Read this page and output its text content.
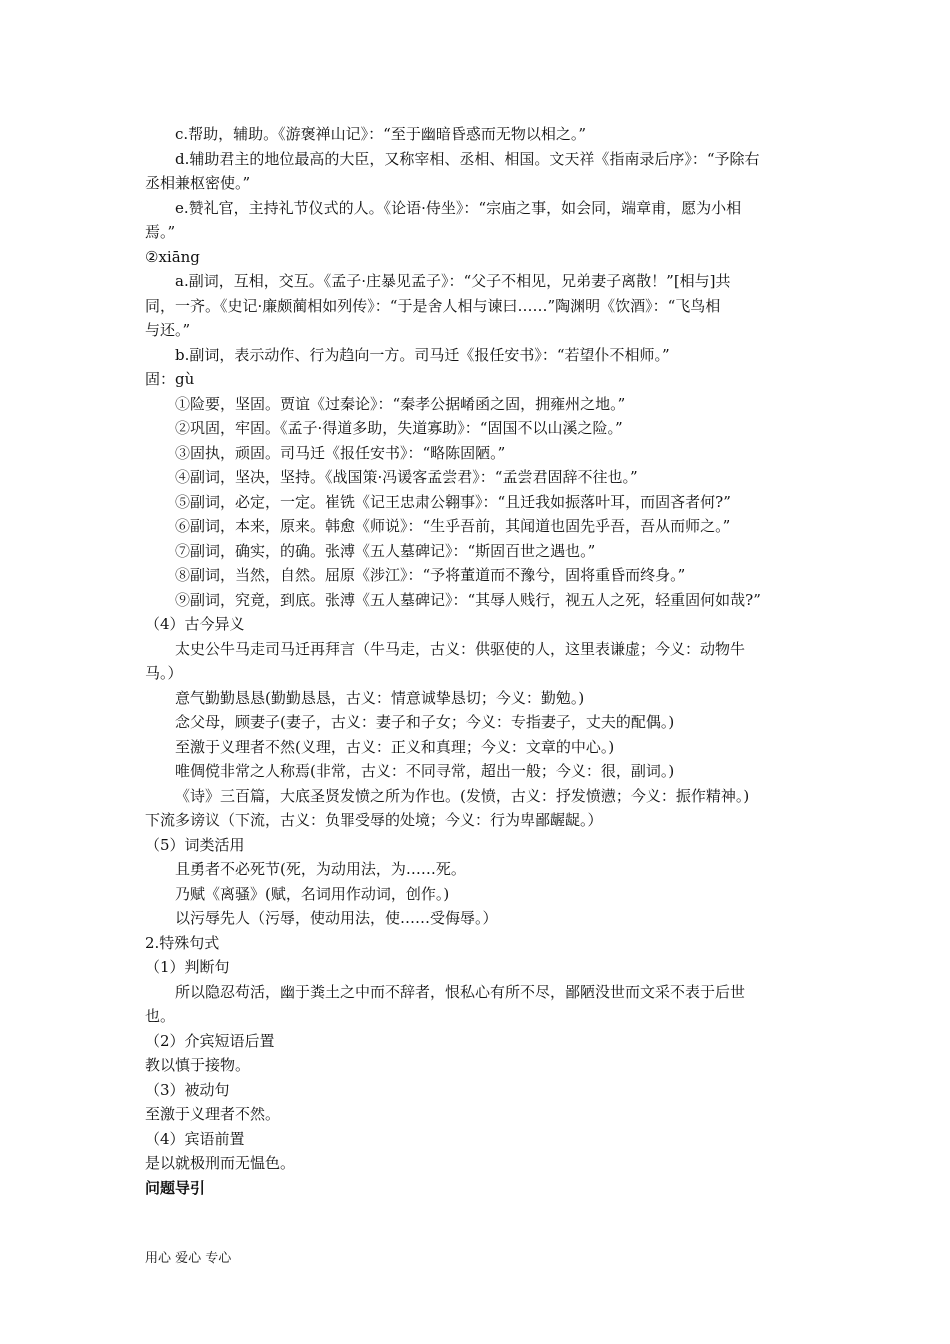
c.帮助，辅助。《游褒禅山记》：“至于幽暗昏惑而无物以相之。”
d.辅助君主的地位最高的大臣，又称宰相、丞相、相国。文天祥《指南录后序》：“予除右
丞相兼枢密使。”
e.赞礼官，主持礼节仪式的人。《论语·侍坐》：“宗庙之事，如会同，端章甫，愿为小相
焉。”
②xiāng
a.副词，互相，交互。《孟子·庄暴见孟子》：“父子不相见，兄弟妻子离散！”[相与]共
同，一齐。《史记·廉颇蔺相如列传》：“于是舍人相与谏曰……”陶渊明《饮酒》：“飞鸟相
与还。”
b.副词，表示动作、行为趋向一方。司马迁《报任安书》：“若望仆不相师。”
固：gù
①险要，坚固。贾谊《过秦论》：“秦孝公据崤函之固，拥雍州之地。”
②巩固，牢固。《孟子·得道多助，失道寡助》：“固国不以山溪之险。”
③固执，顽固。司马迁《报任安书》：“略陈固陋。”
④副词，坚决，坚持。《战国策·冯谖客孟尝君》：“孟尝君固辞不往也。”
⑤副词，必定，一定。崔铣《记王忠肃公翱事》：“且迁我如振落叶耳，而固吝者何?”
⑥副词，本来，原来。韩愈《师说》：“生乎吾前，其闻道也固先乎吾，吾从而师之。”
⑦副词，确实，的确。张溥《五人墓碑记》：“斯固百世之遇也。”
⑧副词，当然，自然。屈原《涉江》：“予将董道而不豫兮，固将重昏而终身。”
⑨副词，究竟，到底。张溥《五人墓碑记》：“其辱人贱行，视五人之死，轻重固何如哉?”
（4）古今异义
太史公牛马走司马迁再拜言（牛马走，古义：供驱使的人，这里表谦虚；今义：动物牛
马。）
意气勤勤恳恳(勤勤恳恳，古义：情意诚挚恳切；今义：勤勉。)
念父母，顾妻子(妻子，古义：妻子和子女；今义：专指妻子，丈夫的配偶。)
至激于义理者不然(义理，古义：正义和真理；今义：文章的中心。)
唯倜傥非常之人称焉(非常，古义：不同寻常，超出一般；今义：很，副词。)
《诗》三百篇，大底圣贤发愤之所为作也。(发愤，古义：抒发愤懑；今义：振作精神。)
下流多谤议（下流，古义：负罪受辱的处境；今义：行为卑鄙龌龊。）
（5）词类活用
且勇者不必死节(死，为动用法，为……死。
乃赋《离骚》(赋，名词用作动词，创作。)
以污辱先人（污辱，使动用法，使……受侮辱。）
2.特殊句式
（1）判断句
所以隐忍苟活，幽于粪土之中而不辞者，恨私心有所不尽，鄙陋没世而文采不表于后世
也。
（2）介宾短语后置
教以慎于接物。
（3）被动句
至激于义理者不然。
（4）宾语前置
是以就极刑而无愠色。
问题导引
用心 爱心 专心
